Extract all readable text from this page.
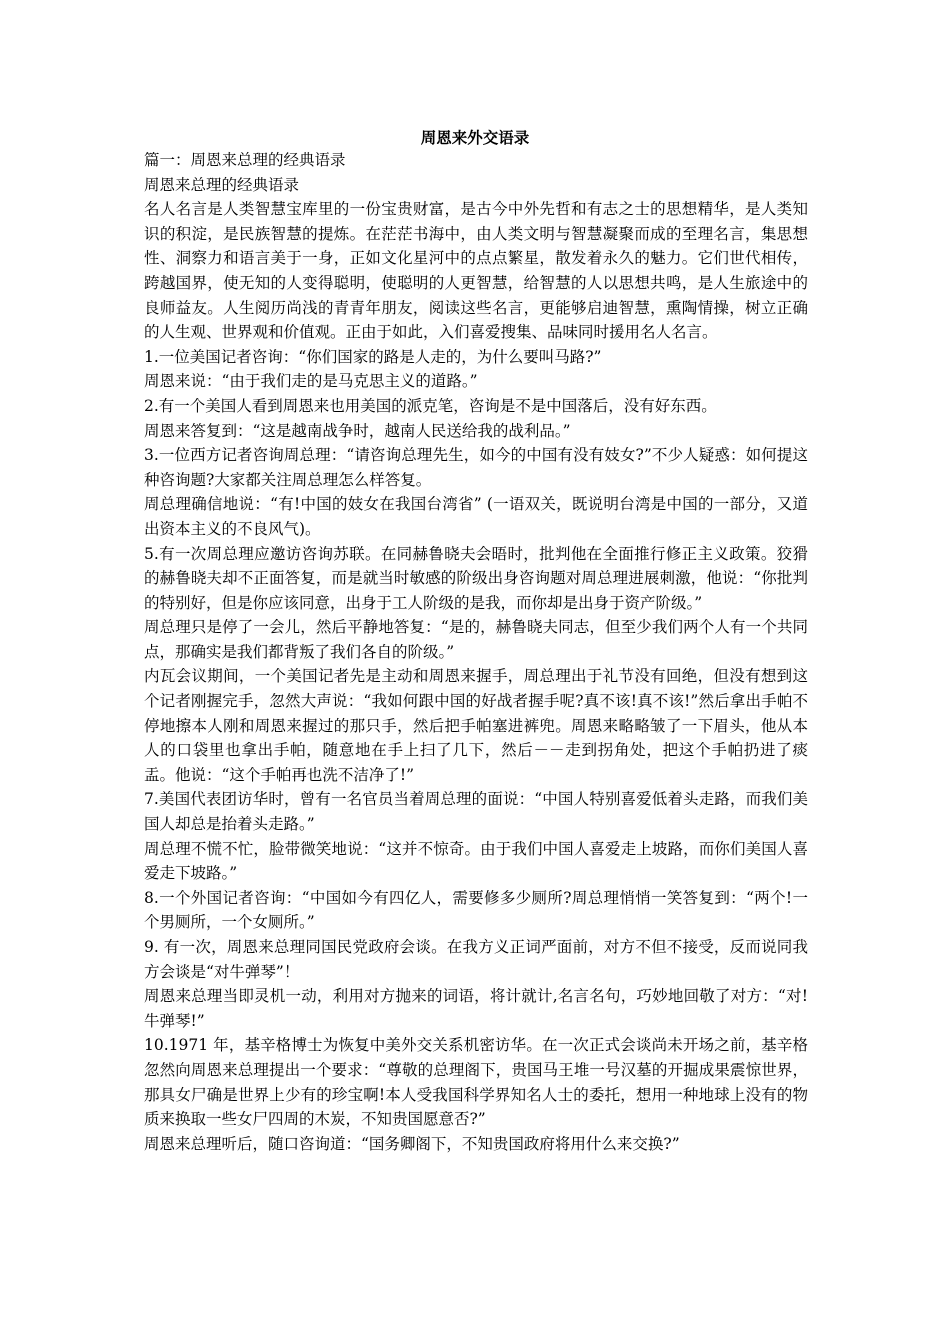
周恩来外交语录

篇一：周恩来总理的经典语录

周恩来总理的经典语录

名人名言是人类智慧宝库里的一份宝贵财富，是古今中外先哲和有志之士的思想精华，是人类知识的积淀，是民族智慧的提炼。在茫茫书海中，由人类文明与智慧凝聚而成的至理名言，集思想性、洞察力和语言美于一身，正如文化星河中的点点繁星，散发着永久的魅力。它们世代相传，跨越国界，使无知的人变得聪明，使聪明的人更智慧，给智慧的人以思想共鸣，是人生旅途中的良师益友。人生阅历尚浅的青青年朋友，阅读这些名言，更能够启迪智慧，熏陶情操，树立正确的人生观、世界观和价值观。正由于如此，入们喜爱搜集、品味同时援用名人名言。

1.一位美国记者咨询：“你们国家的路是人走的，为什么要叫马路?”

周恩来说：“由于我们走的是马克思主义的道路。”

2.有一个美国人看到周恩来也用美国的派克笔，咨询是不是中国落后，没有好东西。

周恩来答复到：“这是越南战争时，越南人民送给我的战利品。”

3.一位西方记者咨询周总理：“请咨询总理先生，如今的中国有没有妓女?”不少人疑惑：如何提这种咨询题?大家都关注周总理怎么样答复。

周总理确信地说：“有!中国的妓女在我国台湾省” (一语双关，既说明台湾是中国的一部分，又道出资本主义的不良风气)。

5.有一次周总理应邀访咨询苏联。在同赫鲁晓夫会晤时，批判他在全面推行修正主义政策。狡猾的赫鲁晓夫却不正面答复，而是就当时敏感的阶级出身咨询题对周总理进展刺激，他说：“你批判的特别好，但是你应该同意，出身于工人阶级的是我，而你却是出身于资产阶级。”

周总理只是停了一会儿，然后平静地答复：“是的，赫鲁晓夫同志，但至少我们两个人有一个共同点，那确实是我们都背叛了我们各自的阶级。”

内瓦会议期间，一个美国记者先是主动和周恩来握手，周总理出于礼节没有回绝，但没有想到这个记者刚握完手，忽然大声说：“我如何跟中国的好战者握手呢?真不该!真不该!”然后拿出手帕不停地擦本人刚和周恩来握过的那只手，然后把手帕塞进裤兜。周恩来略略皱了一下眉头，他从本人的口袋里也拿出手帕，随意地在手上扫了几下，然后－－走到拐角处，把这个手帕扔进了痰盂。他说：“这个手帕再也洗不洁净了!”

7.美国代表团访华时，曾有一名官员当着周总理的面说：“中国人特别喜爱低着头走路，而我们美国人却总是抬着头走路。”

周总理不慌不忙，脸带微笑地说：“这并不惊奇。由于我们中国人喜爱走上坡路，而你们美国人喜爱走下坡路。”

8.一个外国记者咨询：“中国如今有四亿人，需要修多少厕所?周总理悄悄一笑答复到：“两个!一个男厕所，一个女厕所。”

9. 有一次，周恩来总理同国民党政府会谈。在我方义正词严面前，对方不但不接受，反而说同我方会谈是“对牛弹琴”！

周恩来总理当即灵机一动，利用对方抛来的词语，将计就计,名言名句，巧妙地回敬了对方：“对!牛弹琴!”

10.1971 年，基辛格博士为恢复中美外交关系机密访华。在一次正式会谈尚未开场之前，基辛格忽然向周恩来总理提出一个要求：“尊敬的总理阁下，贵国马王堆一号汉墓的开掘成果震惊世界，那具女尸确是世界上少有的珍宝啊!本人受我国科学界知名人士的委托，想用一种地球上没有的物质来换取一些女尸四周的木炭，不知贵国愿意否?”

周恩来总理听后，随口咨询道：“国务卿阁下，不知贵国政府将用什么来交换?”
